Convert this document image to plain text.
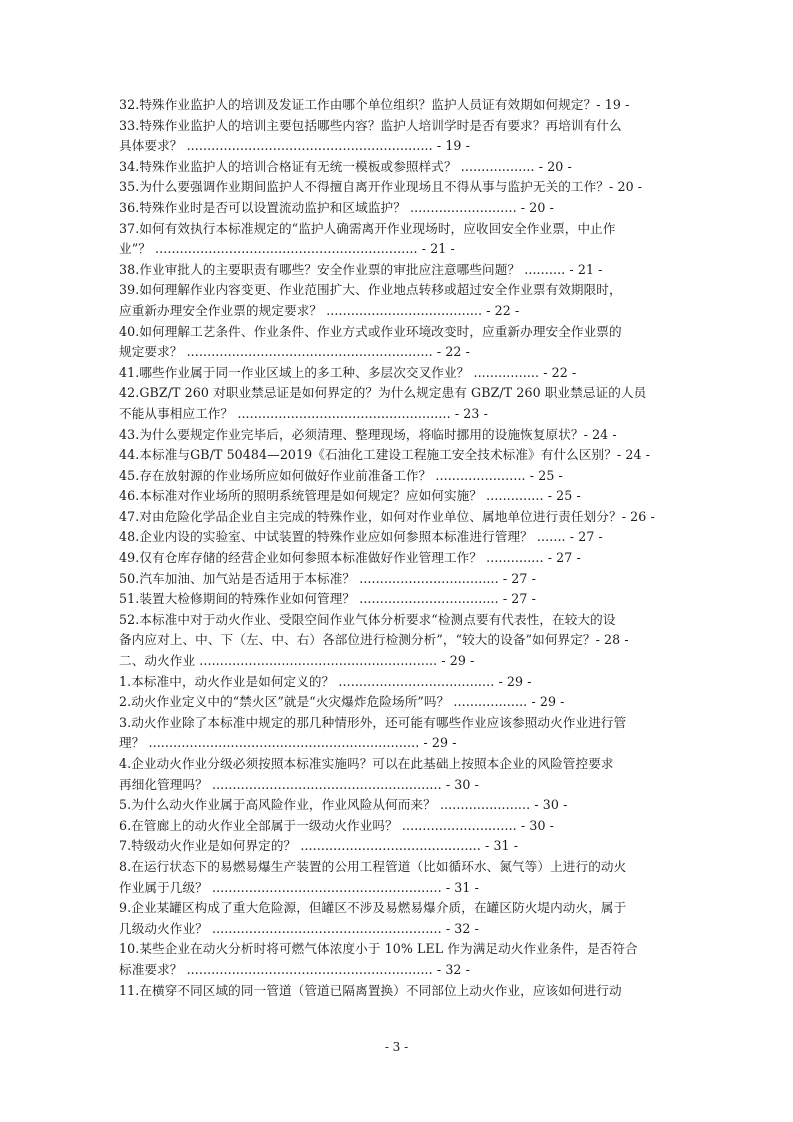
32.特殊作业监护人的培训及发证工作由哪个单位组织？监护人员证有效期如何规定？- 19 -
33.特殊作业监护人的培训主要包括哪些内容？监护人培训学时是否有要求？再培训有什么
具体要求？ ............................................................ - 19 -
34.特殊作业监护人的培训合格证有无统一模板或参照样式？ .................. - 20 -
35.为什么要强调作业期间监护人不得擅自离开作业现场且不得从事与监护无关的工作？- 20 -
36.特殊作业时是否可以设置流动监护和区域监护？ .......................... - 20 -
37.如何有效执行本标准规定的“监护人确需离开作业现场时，应收回安全作业票，中止作
业”？ ................................................................ - 21 -
38.作业审批人的主要职责有哪些？安全作业票的审批应注意哪些问题？ .......... - 21 -
39.如何理解作业内容变更、作业范围扩大、作业地点转移或超过安全作业票有效期限时，
应重新办理安全作业票的规定要求？ ...................................... - 22 -
40.如何理解工艺条件、作业条件、作业方式或作业环境改变时，应重新办理安全作业票的
规定要求？ ............................................................ - 22 -
41.哪些作业属于同一作业区域上的多工种、多层次交叉作业？ ................ - 22 -
42.GBZ/T 260 对职业禁忌证是如何界定的？为什么规定患有 GBZ/T 260 职业禁忌证的人员
不能从事相应工作？ .................................................... - 23 -
43.为什么要规定作业完毕后，必须清理、整理现场，将临时挪用的设施恢复原状？- 24 -
44.本标准与GB/T 50484—2019《石油化工建设工程施工安全技术标准》有什么区别？- 24 -
45.存在放射源的作业场所应如何做好作业前准备工作？ ...................... - 25 -
46.本标准对作业场所的照明系统管理是如何规定？应如何实施？ .............. - 25 -
47.对由危险化学品企业自主完成的特殊作业，如何对作业单位、属地单位进行责任划分？- 26 -
48.企业内设的实验室、中试装置的特殊作业应如何参照本标准进行管理？ ....... - 27 -
49.仅有仓库存储的经营企业如何参照本标准做好作业管理工作？ .............. - 27 -
50.汽车加油、加气站是否适用于本标准？ .................................. - 27 -
51.装置大检修期间的特殊作业如何管理？ .................................. - 27 -
52.本标准中对于动火作业、受限空间作业气体分析要求“检测点要有代表性，在较大的设
备内应对上、中、下（左、中、右）各部位进行检测分析”，“较大的设备”如何界定？- 28 -
二、动火作业 .......................................................... - 29 -
1.本标准中，动火作业是如何定义的？ ...................................... - 29 -
2.动火作业定义中的“禁火区”就是“火灾爆炸危险场所”吗？ .................. - 29 -
3.动火作业除了本标准中规定的那几种情形外，还可能有哪些作业应该参照动火作业进行管
理？ .................................................................. - 29 -
4.企业动火作业分级必须按照本标准实施吗？可以在此基础上按照本企业的风险管控要求
再细化管理吗？ ........................................................ - 30 -
5.为什么动火作业属于高风险作业，作业风险从何而来？ ...................... - 30 -
6.在管廊上的动火作业全部属于一级动火作业吗？ ............................ - 30 -
7.特级动火作业是如何界定的？ ............................................ - 31 -
8.在运行状态下的易燃易爆生产装置的公用工程管道（比如循环水、氮气等）上进行的动火
作业属于几级？ ........................................................ - 31 -
9.企业某罐区构成了重大危险源，但罐区不涉及易燃易爆介质，在罐区防火堤内动火，属于
几级动火作业？ ........................................................ - 32 -
10.某些企业在动火分析时将可燃气体浓度小于 10% LEL 作为满足动火作业条件，是否符合
标准要求？ ............................................................ - 32 -
11.在横穿不同区域的同一管道（管道已隔离置换）不同部位上动火作业，应该如何进行动
- 3 -
